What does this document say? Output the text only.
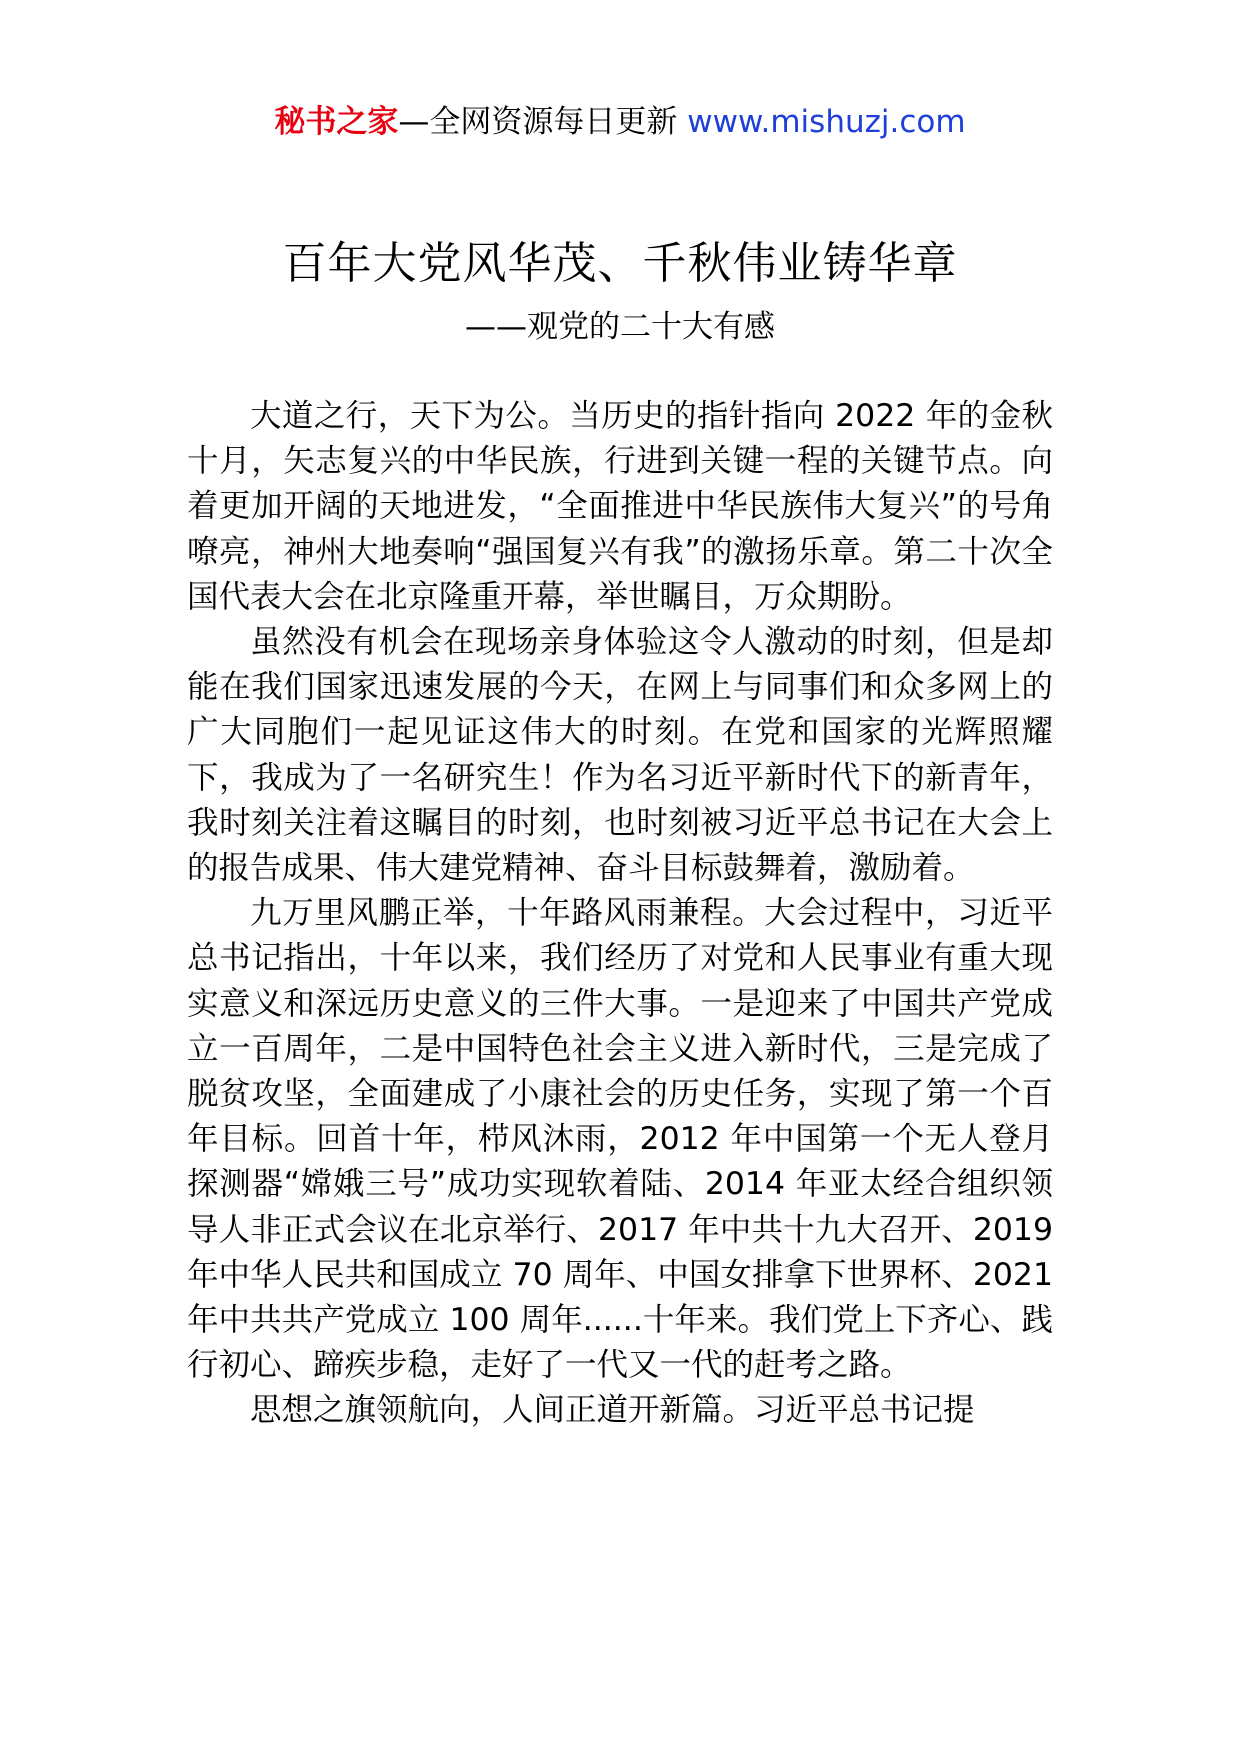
秘书之家—全网资源每日更新 www.mishuzj.com
百年大党风华茂、千秋伟业铸华章
——观党的二十大有感

大道之行，天下为公。当历史的指针指向 2022 年的金秋十月，矢志复兴的中华民族，行进到关键一程的关键节点。向着更加开阔的天地进发，“全面推进中华民族伟大复兴”的号角嘹亮，神州大地奏响“强国复兴有我”的激扬乐章。第二十次全国代表大会在北京隆重开幕，举世瞩目，万众期盼。

虽然没有机会在现场亲身体验这令人激动的时刻，但是却能在我们国家迅速发展的今天，在网上与同事们和众多网上的广大同胞们一起见证这伟大的时刻。在党和国家的光辉照耀下，我成为了一名研究生！作为名习近平新时代下的新青年，我时刻关注着这瞩目的时刻，也时刻被习近平总书记在大会上的报告成果、伟大建党精神、奋斗目标鼓舞着，激励着。

九万里风鹏正举，十年路风雨兼程。大会过程中，习近平总书记指出，十年以来，我们经历了对党和人民事业有重大现实意义和深远历史意义的三件大事。一是迎来了中国共产党成立一百周年，二是中国特色社会主义进入新时代，三是完成了脱贫攻坚，全面建成了小康社会的历史任务，实现了第一个百年目标。回首十年，栉风沐雨，2012 年中国第一个无人登月探测器“嫦娥三号”成功实现软着陆、2014 年亚太经合组织领导人非正式会议在北京举行、2017 年中共十九大召开、2019 年中华人民共和国成立 70 周年、中国女排拿下世界杯、2021 年中共共产党成立 100 周年......十年来。我们党上下齐心、践行初心、蹄疾步稳，走好了一代又一代的赶考之路。

思想之旗领航向，人间正道开新篇。习近平总书记提
